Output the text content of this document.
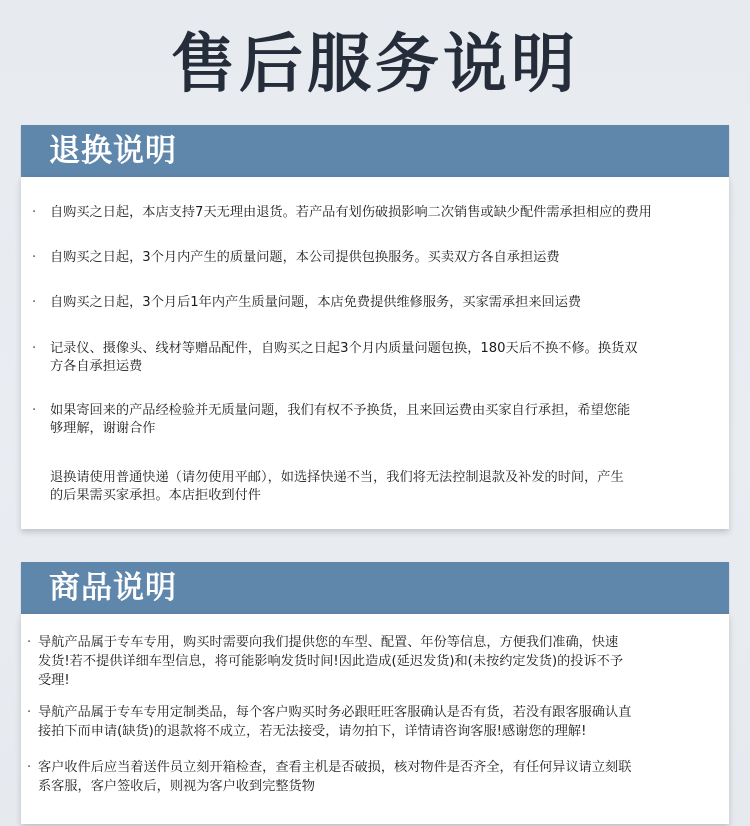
售后服务说明
退换说明
· 自购买之日起，本店支持7天无理由退货。若产品有划伤破损影响二次销售或缺少配件需承担相应的费用
· 自购买之日起，3个月内产生的质量问题，本公司提供包换服务。买卖双方各自承担运费
· 自购买之日起，3个月后1年内产生质量问题，本店免费提供维修服务，买家需承担来回运费
· 记录仪、摄像头、线材等赠品配件，自购买之日起3个月内质量问题包换，180天后不换不修。换货双
方各自承担运费
· 如果寄回来的产品经检验并无质量问题，我们有权不予换货，且来回运费由买家自行承担，希望您能
够理解，谢谢合作
退换请使用普通快递（请勿使用平邮），如选择快递不当，我们将无法控制退款及补发的时间，产生
的后果需买家承担。本店拒收到付件
商品说明
· 导航产品属于专车专用，购买时需要向我们提供您的车型、配置、年份等信息，方便我们准确，快速
发货!若不提供详细车型信息，将可能影响发货时间!因此造成(延迟发货)和(未按约定发货)的投诉不予
受理!
· 导航产品属于专车专用定制类品，每个客户购买时务必跟旺旺客服确认是否有货，若没有跟客服确认直
接拍下而申请(缺货)的退款将不成立，若无法接受，请勿拍下，详情请咨询客服!感谢您的理解!
· 客户收件后应当着送件员立刻开箱检查，查看主机是否破损，核对物件是否齐全，有任何异议请立刻联
系客服，客户签收后，则视为客户收到完整货物
